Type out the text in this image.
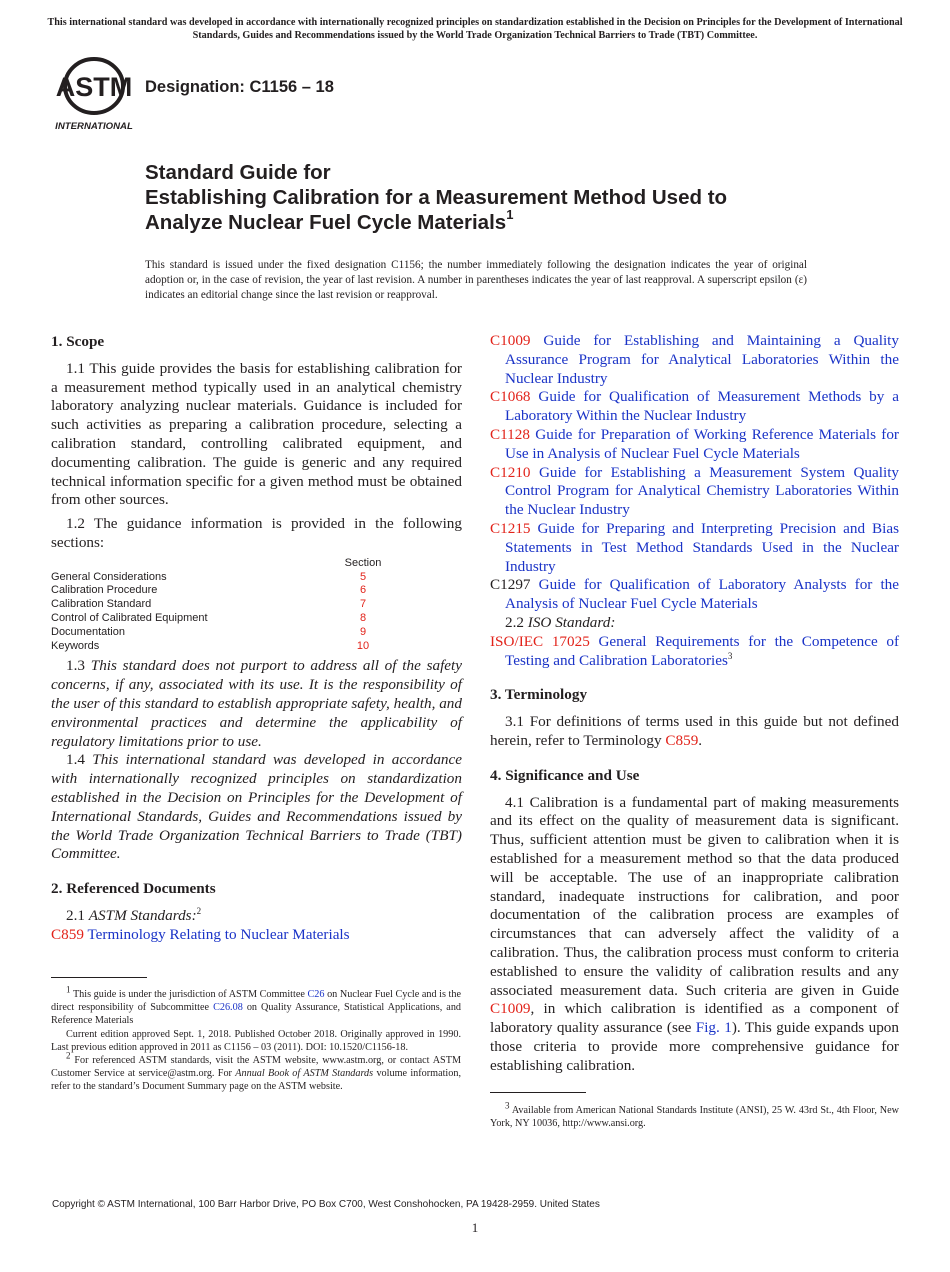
This international standard was developed in accordance with internationally recognized principles on standardization established in the Decision on Principles for the Development of International Standards, Guides and Recommendations issued by the World Trade Organization Technical Barriers to Trade (TBT) Committee.
ASTM
INTERNATIONAL
Designation: C1156 – 18
Standard Guide for
Establishing Calibration for a Measurement Method Used to
Analyze Nuclear Fuel Cycle Materials$^1$
This standard is issued under the fixed designation C1156; the number immediately following the designation indicates the year of original adoption or, in the case of revision, the year of last revision. A number in parentheses indicates the year of last reapproval. A superscript epsilon (ε) indicates an editorial change since the last revision or reapproval.
1. Scope

1.1 This guide provides the basis for establishing calibration for a measurement method typically used in an analytical chemistry laboratory analyzing nuclear materials. Guidance is included for such activities as preparing a calibration procedure, selecting a calibration standard, controlling calibrated equipment, and documenting calibration. The guide is generic and any required technical information specific for a given method must be obtained from other sources.

1.2 The guidance information is provided in the following sections:

Section
General Considerations	5
Calibration Procedure	6
Calibration Standard	7
Control of Calibrated Equipment	8
Documentation	9
Keywords	10

1.3 This standard does not purport to address all of the safety concerns, if any, associated with its use. It is the responsibility of the user of this standard to establish appropriate safety, health, and environmental practices and determine the applicability of regulatory limitations prior to use.

1.4 This international standard was developed in accordance with internationally recognized principles on standardization established in the Decision on Principles for the Development of International Standards, Guides and Recommendations issued by the World Trade Organization Technical Barriers to Trade (TBT) Committee.

2. Referenced Documents

2.1 ASTM Standards:$^2$

C859 Terminology Relating to Nuclear Materials

$^1$ This guide is under the jurisdiction of ASTM Committee C26 on Nuclear Fuel Cycle and is the direct responsibility of Subcommittee C26.08 on Quality Assurance, Statistical Applications, and Reference Materials

Current edition approved Sept. 1, 2018. Published October 2018. Originally approved in 1990. Last previous edition approved in 2011 as C1156 – 03 (2011). DOI: 10.1520/C1156-18.

$^2$ For referenced ASTM standards, visit the ASTM website, www.astm.org, or contact ASTM Customer Service at service@astm.org. For Annual Book of ASTM Standards volume information, refer to the standard’s Document Summary page on the ASTM website.

C1009 Guide for Establishing and Maintaining a Quality Assurance Program for Analytical Laboratories Within the Nuclear Industry
C1068 Guide for Qualification of Measurement Methods by a Laboratory Within the Nuclear Industry
C1128 Guide for Preparation of Working Reference Materials for Use in Analysis of Nuclear Fuel Cycle Materials
C1210 Guide for Establishing a Measurement System Quality Control Program for Analytical Chemistry Laboratories Within the Nuclear Industry
C1215 Guide for Preparing and Interpreting Precision and Bias Statements in Test Method Standards Used in the Nuclear Industry
C1297 Guide for Qualification of Laboratory Analysts for the Analysis of Nuclear Fuel Cycle Materials

2.2 ISO Standard:

ISO/IEC 17025 General Requirements for the Competence of Testing and Calibration Laboratories$^3$
3. Terminology

3.1 For definitions of terms used in this guide but not defined herein, refer to Terminology C859.

4. Significance and Use

4.1 Calibration is a fundamental part of making measurements and its effect on the quality of measurement data is significant. Thus, sufficient attention must be given to calibration when it is established for a measurement method so that the data produced will be acceptable. The use of an inappropriate calibration standard, inadequate instructions for calibration, and poor documentation of the calibration process are examples of circumstances that can adversely affect the validity of a calibration. Thus, the calibration process must conform to criteria established to ensure the validity of calibration results and any associated measurement data. Such criteria are given in Guide C1009, in which calibration is identified as a component of laboratory quality assurance (see Fig. 1). This guide expands upon those criteria to provide more comprehensive guidance for establishing calibration.

$^3$ Available from American National Standards Institute (ANSI), 25 W. 43rd St., 4th Floor, New York, NY 10036, http://www.ansi.org.

Copyright © ASTM International, 100 Barr Harbor Drive, PO Box C700, West Conshohocken, PA 19428-2959. United States
1
